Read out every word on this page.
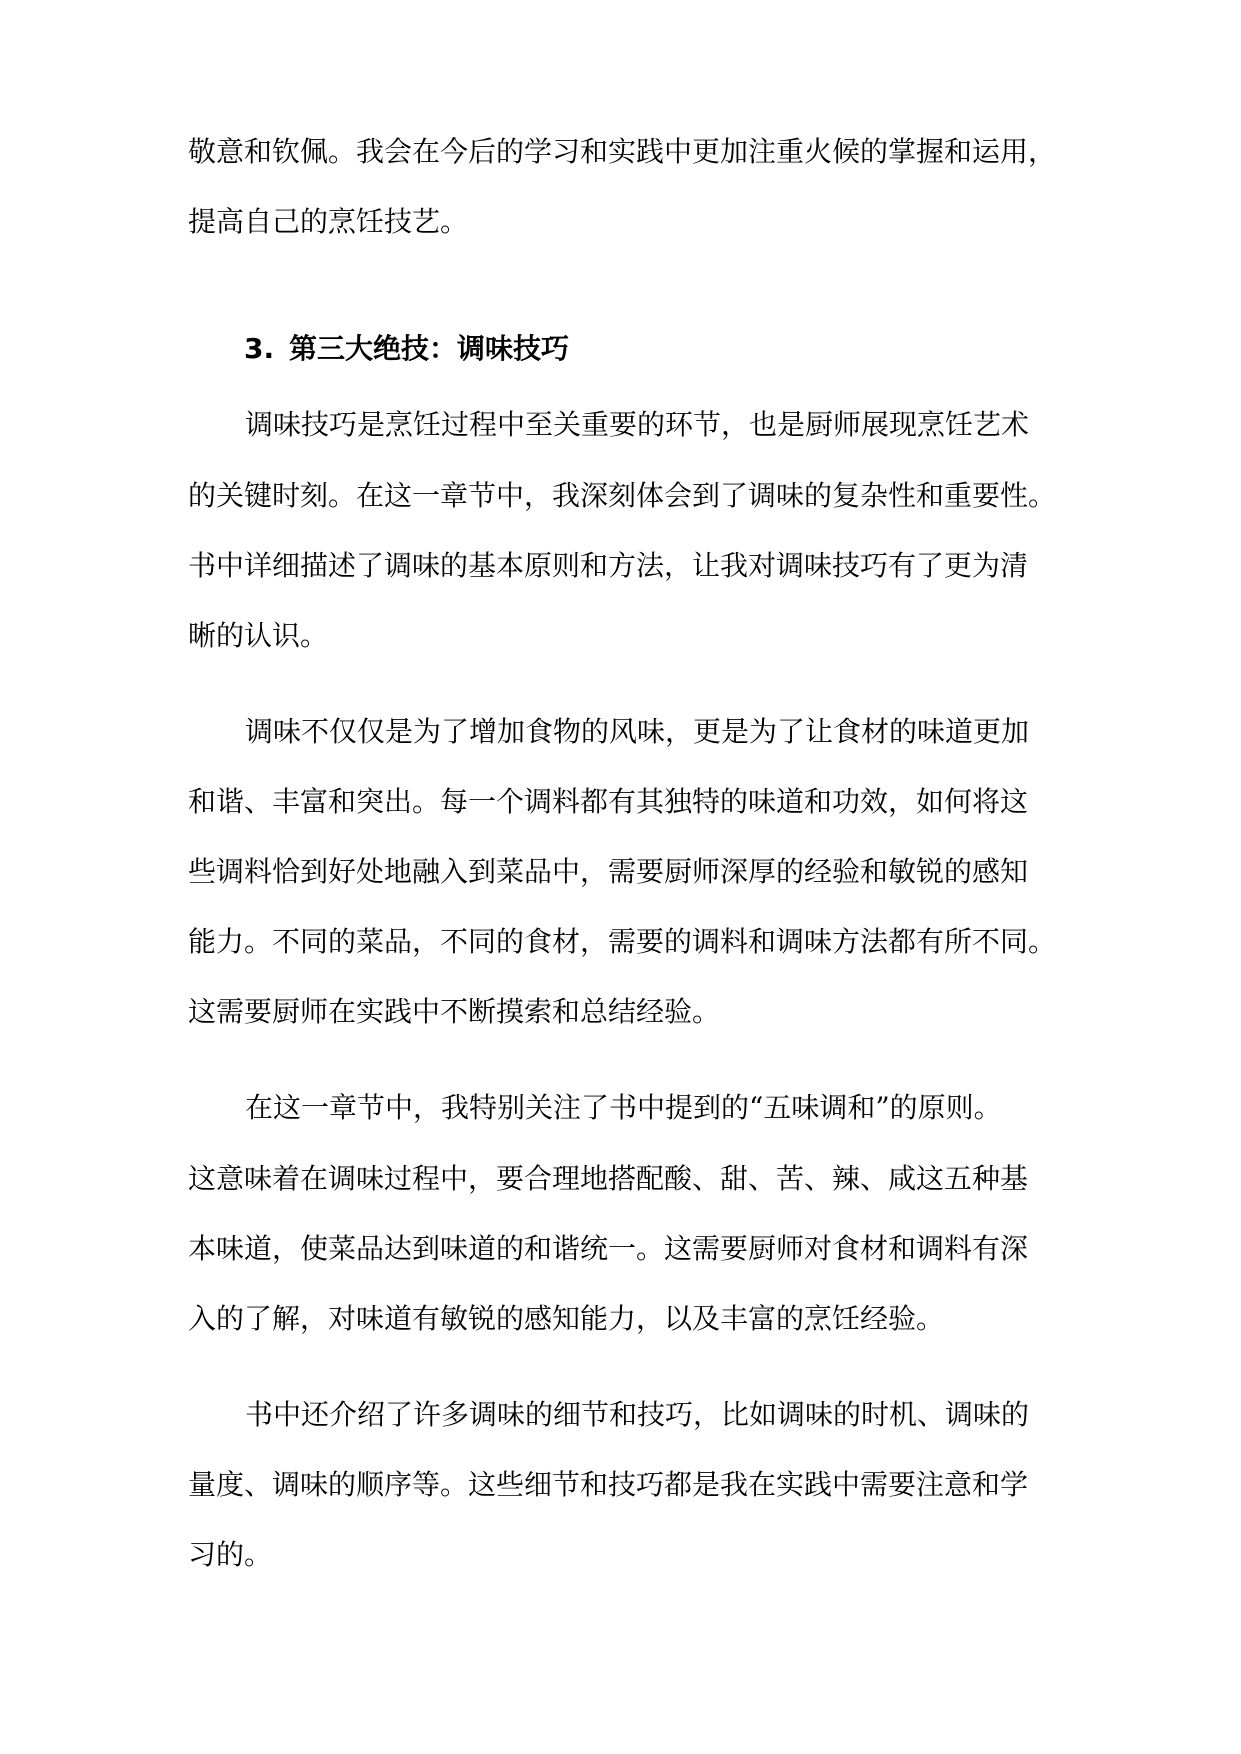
敬意和钦佩。我会在今后的学习和实践中更加注重火候的掌握和运用，

提高自己的烹饪技艺。

3. 第三大绝技：调味技巧

调味技巧是烹饪过程中至关重要的环节，也是厨师展现烹饪艺术

的关键时刻。在这一章节中，我深刻体会到了调味的复杂性和重要性。

书中详细描述了调味的基本原则和方法，让我对调味技巧有了更为清

晰的认识。

调味不仅仅是为了增加食物的风味，更是为了让食材的味道更加

和谐、丰富和突出。每一个调料都有其独特的味道和功效，如何将这

些调料恰到好处地融入到菜品中，需要厨师深厚的经验和敏锐的感知

能力。不同的菜品，不同的食材，需要的调料和调味方法都有所不同。

这需要厨师在实践中不断摸索和总结经验。

在这一章节中，我特别关注了书中提到的“五味调和”的原则。

这意味着在调味过程中，要合理地搭配酸、甜、苦、辣、咸这五种基

本味道，使菜品达到味道的和谐统一。这需要厨师对食材和调料有深

入的了解，对味道有敏锐的感知能力，以及丰富的烹饪经验。

书中还介绍了许多调味的细节和技巧，比如调味的时机、调味的

量度、调味的顺序等。这些细节和技巧都是我在实践中需要注意和学

习的。
